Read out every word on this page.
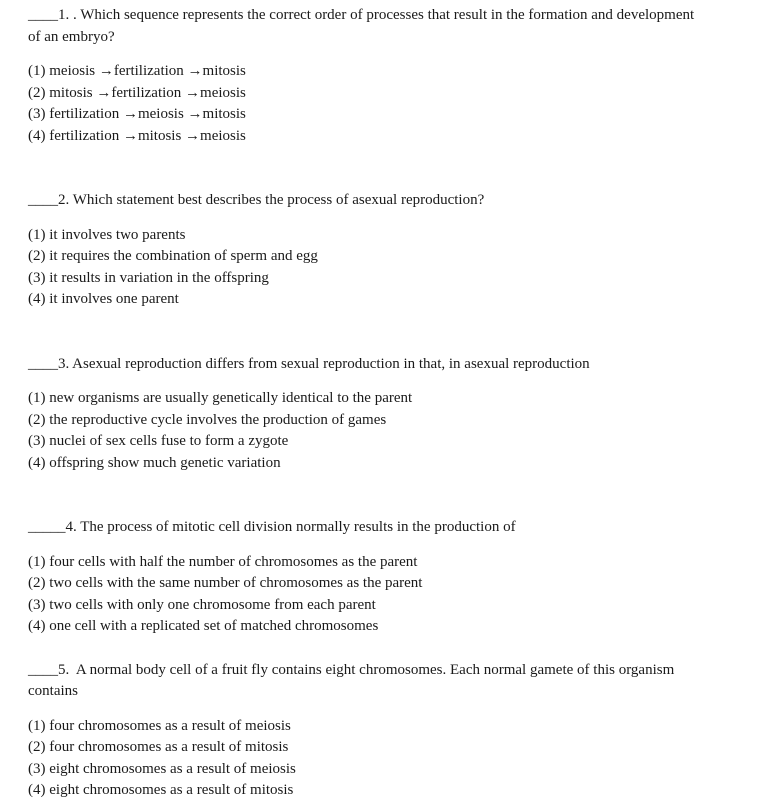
____1. . Which sequence represents the correct order of processes that result in the formation and development of an embryo?

(1) meiosis →fertilization →mitosis
(2) mitosis →fertilization →meiosis
(3) fertilization →meiosis →mitosis
(4) fertilization →mitosis →meiosis

____2. Which statement best describes the process of asexual reproduction?

(1) it involves two parents
(2) it requires the combination of sperm and egg
(3) it results in variation in the offspring
(4) it involves one parent

____3. Asexual reproduction differs from sexual reproduction in that, in asexual reproduction

(1) new organisms are usually genetically identical to the parent
(2) the reproductive cycle involves the production of games
(3) nuclei of sex cells fuse to form a zygote
(4) offspring show much genetic variation

_____4. The process of mitotic cell division normally results in the production of

(1) four cells with half the number of chromosomes as the parent
(2) two cells with the same number of chromosomes as the parent
(3) two cells with only one chromosome from each parent
(4) one cell with a replicated set of matched chromosomes

____5.  A normal body cell of a fruit fly contains eight chromosomes. Each normal gamete of this organism contains

(1) four chromosomes as a result of meiosis
(2) four chromosomes as a result of mitosis
(3) eight chromosomes as a result of meiosis
(4) eight chromosomes as a result of mitosis
